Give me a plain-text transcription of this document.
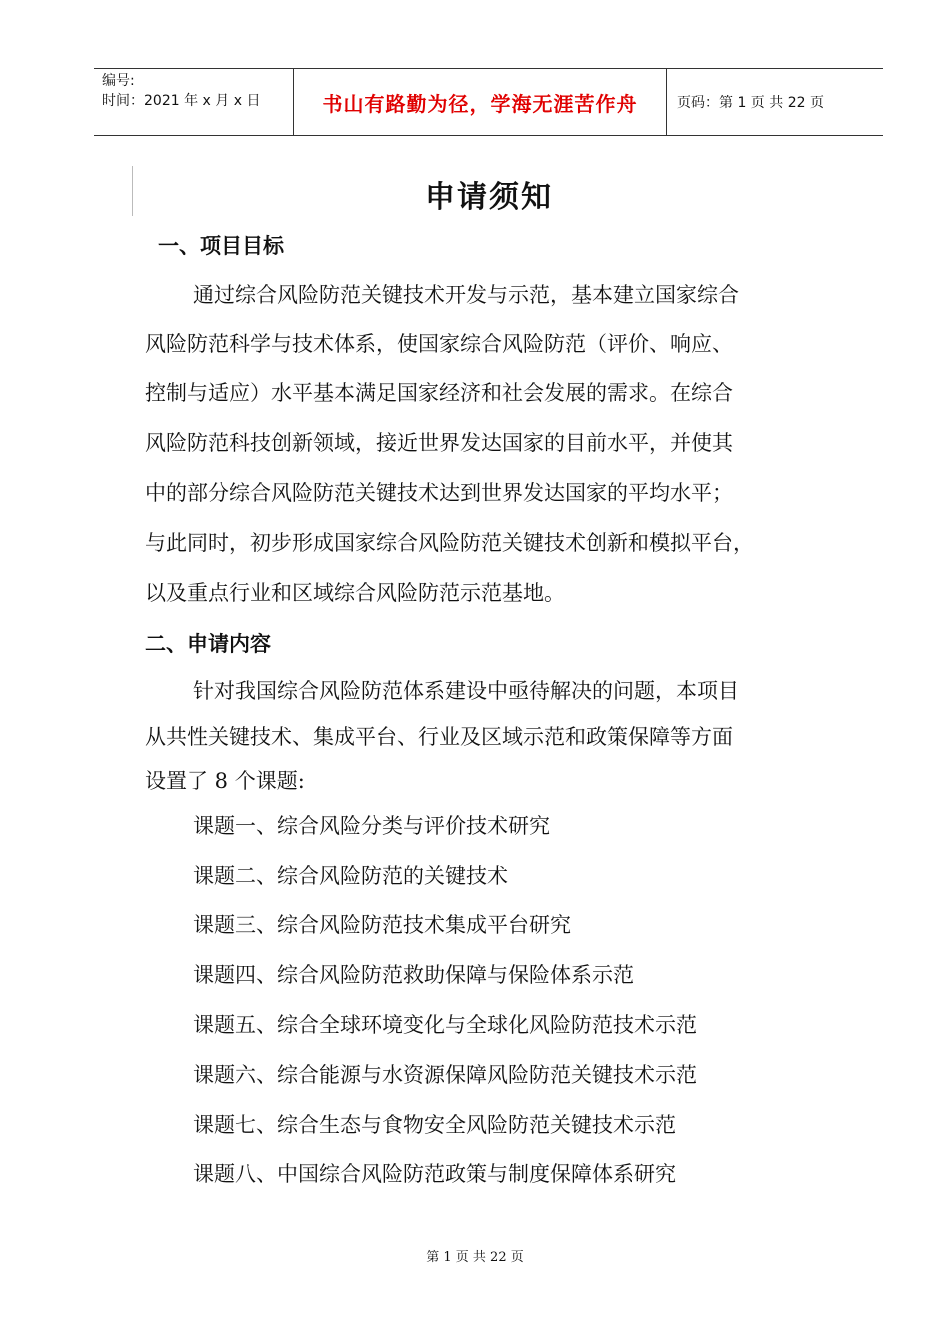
编号:
时间：2021 年 x 月 x 日	书山有路勤为径，学海无涯苦作舟	页码：第 1 页 共 22 页
申请须知
一、项目目标
通过综合风险防范关键技术开发与示范，基本建立国家综合
风险防范科学与技术体系，使国家综合风险防范（评价、响应、
控制与适应）水平基本满足国家经济和社会发展的需求。在综合
风险防范科技创新领域，接近世界发达国家的目前水平，并使其
中的部分综合风险防范关键技术达到世界发达国家的平均水平；
与此同时，初步形成国家综合风险防范关键技术创新和模拟平台，
以及重点行业和区域综合风险防范示范基地。
二、申请内容
针对我国综合风险防范体系建设中亟待解决的问题，本项目
从共性关键技术、集成平台、行业及区域示范和政策保障等方面
设置了 8 个课题:
课题一、综合风险分类与评价技术研究
课题二、综合风险防范的关键技术
课题三、综合风险防范技术集成平台研究
课题四、综合风险防范救助保障与保险体系示范
课题五、综合全球环境变化与全球化风险防范技术示范
课题六、综合能源与水资源保障风险防范关键技术示范
课题七、综合生态与食物安全风险防范关键技术示范
课题八、中国综合风险防范政策与制度保障体系研究
第 1 页 共 22 页
